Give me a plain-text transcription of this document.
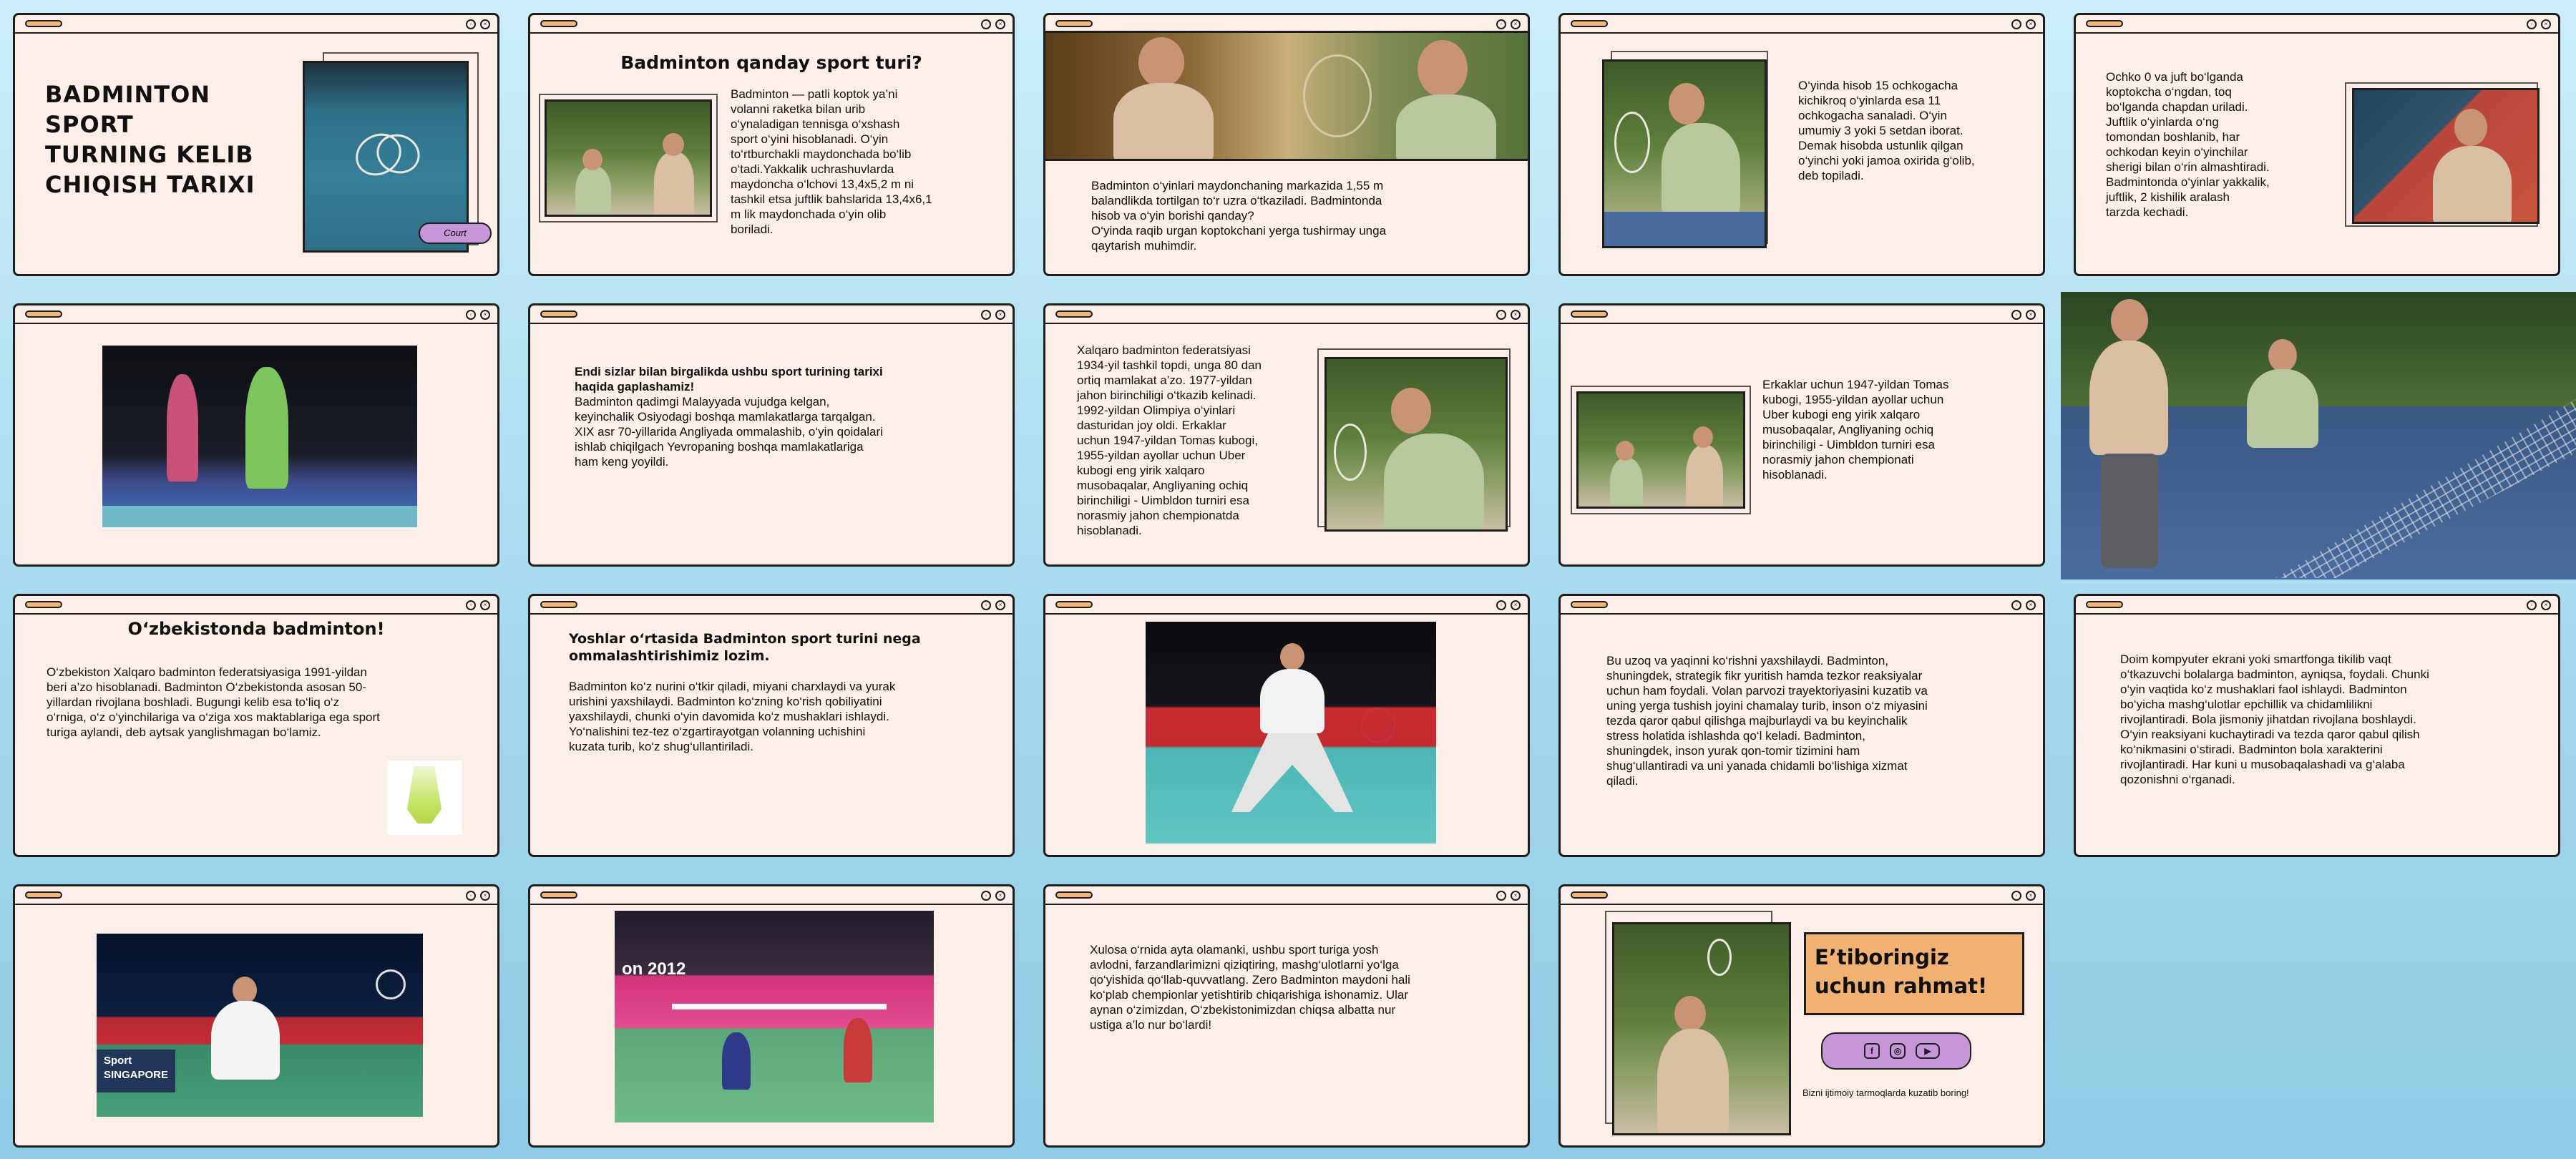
◦	×
BADMINTON
SPORT
TURNING KELIB
CHIQISH TARIXI
Court
◦	×
Badminton qanday sport turi?
Badminton — patli koptok ya’ni
volanni raketka bilan urib
o‘ynaladigan tennisga o‘xshash
sport o‘yini hisoblanadi. O‘yin
to‘rtburchakli maydonchada bo‘lib
o‘tadi.Yakkalik uchrashuvlarda
maydoncha o‘lchovi 13,4x5,2 m ni
tashkil etsa juftlik bahslarida 13,4x6,1
m lik maydonchada o‘yin olib
boriladi.
◦	×
Badminton o‘yinlari maydonchaning markazida 1,55 m
balandlikda tortilgan to‘r uzra o‘tkaziladi. Badmintonda
hisob va o‘yin borishi qanday?
O‘yinda raqib urgan koptokchani yerga tushirmay unga
qaytarish muhimdir.
◦	×
O‘yinda hisob 15 ochkogacha
kichikroq o‘yinlarda esa 11
ochkogacha sanaladi. O‘yin
umumiy 3 yoki 5 setdan iborat.
Demak hisobda ustunlik qilgan
o‘yinchi yoki jamoa oxirida g‘olib,
deb topiladi.
◦	×
Ochko 0 va juft bo‘lganda
koptokcha o‘ngdan, toq
bo‘lganda chapdan uriladi.
Juftlik o‘yinlarda o‘ng
tomondan boshlanib, har
ochkodan keyin o‘yinchilar
sherigi bilan o‘rin almashtiradi.
Badmintonda o‘yinlar yakkalik,
juftlik, 2 kishilik aralash
tarzda kechadi.
◦	×	◦	×
Endi sizlar bilan birgalikda ushbu sport turining tarixi
haqida gaplashamiz!
Badminton qadimgi Malayyada vujudga kelgan,
keyinchalik Osiyodagi boshqa mamlakatlarga tarqalgan.
XIX asr 70-yillarida Angliyada ommalashib, o‘yin qoidalari
ishlab chiqilgach Yevropaning boshqa mamlakatlariga
ham keng yoyildi.
◦	×
Xalqaro badminton federatsiyasi
1934-yil tashkil topdi, unga 80 dan
ortiq mamlakat a’zo. 1977-yildan
jahon birinchiligi o‘tkazib kelinadi.
1992-yildan Olimpiya o‘yinlari
dasturidan joy oldi. Erkaklar
uchun 1947-yildan Tomas kubogi,
1955-yildan ayollar uchun Uber
kubogi eng yirik xalqaro
musobaqalar, Angliyaning ochiq
birinchiligi - Uimbldon turniri esa
norasmiy jahon chempionatda
hisoblanadi.
◦	×
Erkaklar uchun 1947-yildan Tomas
kubogi, 1955-yildan ayollar uchun
Uber kubogi eng yirik xalqaro
musobaqalar, Angliyaning ochiq
birinchiligi - Uimbldon turniri esa
norasmiy jahon chempionati
hisoblanadi.
◦	×
O‘zbekistonda badminton!
O‘zbekiston Xalqaro badminton federatsiyasiga 1991-yildan
beri a’zo hisoblanadi. Badminton O‘zbekistonda asosan 50-
yillardan rivojlana boshladi. Bugungi kelib esa to‘liq o‘z
o‘rniga, o‘z o‘yinchilariga va o‘ziga xos maktablariga ega sport
turiga aylandi, deb aytsak yanglishmagan bo‘lamiz.
◦	×
Yoshlar o‘rtasida Badminton sport turini nega
ommalashtirishimiz lozim.
Badminton ko‘z nurini o‘tkir qiladi, miyani charxlaydi va yurak
urishini yaxshilaydi. Badminton ko‘zning ko‘rish qobiliyatini
yaxshilaydi, chunki o‘yin davomida ko‘z mushaklari ishlaydi.
Yo‘nalishini tez-tez o‘zgartirayotgan volanning uchishini
kuzata turib, ko‘z shug‘ullantiriladi.
◦	×	◦	×
Bu uzoq va yaqinni ko‘rishni yaxshilaydi. Badminton,
shuningdek, strategik fikr yuritish hamda tezkor reaksiyalar
uchun ham foydali. Volan parvozi trayektoriyasini kuzatib va
uning yerga tushish joyini chamalay turib, inson o‘z miyasini
tezda qaror qabul qilishga majburlaydi va bu keyinchalik
stress holatida ishlashda qo‘l keladi. Badminton,
shuningdek, inson yurak qon-tomir tizimini ham
shug‘ullantiradi va uni yanada chidamli bo‘lishiga xizmat
qiladi.
◦	×
Doim kompyuter ekrani yoki smartfonga tikilib vaqt
o‘tkazuvchi bolalarga badminton, ayniqsa, foydali. Chunki
o‘yin vaqtida ko‘z mushaklari faol ishlaydi. Badminton
bo‘yicha mashg‘ulotlar epchillik va chidamlilikni
rivojlantiradi. Bola jismoniy jihatdan rivojlana boshlaydi.
O‘yin reaksiyani kuchaytiradi va tezda qaror qabul qilish
ko‘nikmasini o‘stiradi. Badminton bola xarakterini
rivojlantiradi. Har kuni u musobaqalashadi va g‘alaba
qozonishni o‘rganadi.
◦	×
Sport
SINGAPORE
◦	×
on 2012
◦	×
Xulosa o‘rnida ayta olamanki, ushbu sport turiga yosh
avlodni, farzandlarimizni qiziqtiring, mashg‘ulotlarni yo‘lga
qo‘yishida qo‘llab-quvvatlang. Zero Badminton maydoni hali
ko‘plab chempionlar yetishtirib chiqarishiga ishonamiz. Ular
aynan o‘zimizdan, O‘zbekistonimizdan chiqsa albatta nur
ustiga a’lo nur bo‘lardi!
◦	×
E’tiboringiz
uchun rahmat!
f	◎	▶
Bizni ijtimoiy tarmoqlarda kuzatib boring!
